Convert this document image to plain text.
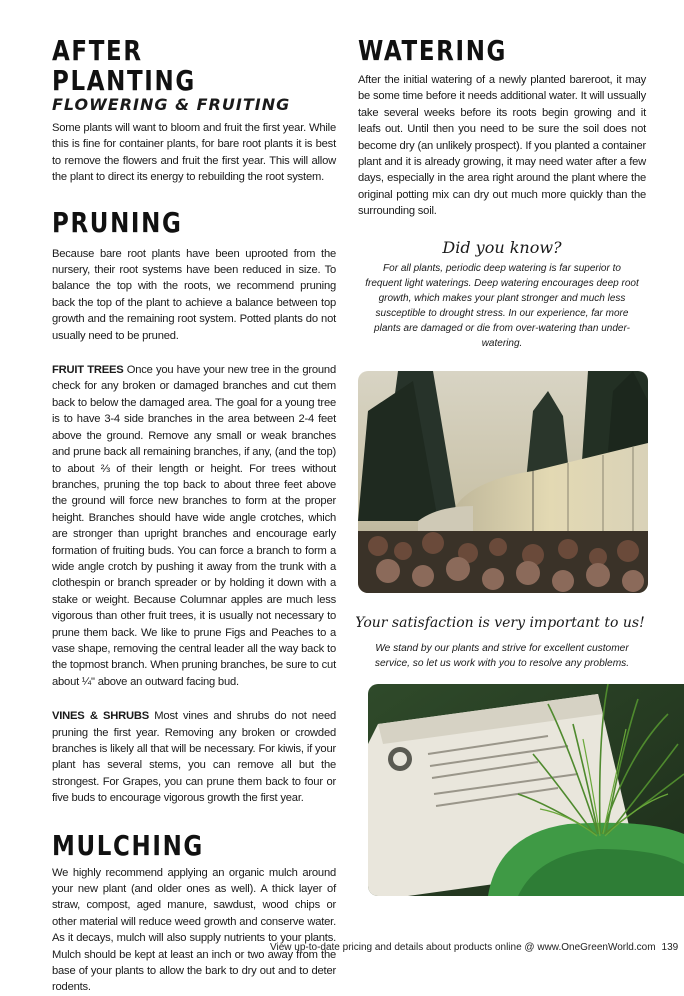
AFTER PLANTING
FLOWERING & FRUITING

Some plants will want to bloom and fruit the first year. While this is fine for container plants, for bare root plants it is best to remove the flowers and fruit the first year. This will allow the plant to direct its energy to rebuilding the root system.

PRUNING

Because bare root plants have been uprooted from the nursery, their root systems have been reduced in size. To balance the top with the roots, we recommend pruning back the top of the plant to achieve a balance between top growth and the remaining root system. Potted plants do not usually need to be pruned.

FRUIT TREES Once you have your new tree in the ground check for any broken or damaged branches and cut them back to below the damaged area. The goal for a young tree is to have 3-4 side branches in the area between 2-4 feet above the ground. Remove any small or weak branches and prune back all remaining branches, if any, (and the top) to about ⅔ of their length or height. For trees without branches, pruning the top back to about three feet above the ground will force new branches to form at the proper height. Branches should have wide angle crotches, which are stronger than upright branches and encourage early formation of fruiting buds. You can force a branch to form a wide angle crotch by pushing it away from the trunk with a clothespin or branch spreader or by holding it down with a stake or weight. Because Columnar apples are much less vigorous than other fruit trees, it is usually not necessary to prune them back. We like to prune Figs and Peaches to a vase shape, removing the central leader all the way back to the topmost branch. When pruning branches, be sure to cut about ¼" above an outward facing bud.

VINES & SHRUBS Most vines and shrubs do not need pruning the first year. Removing any broken or crowded branches is likely all that will be necessary. For kiwis, if your plant has several stems, you can remove all but the strongest. For Grapes, you can prune them back to four or five buds to encourage vigorous growth the first year.

MULCHING

We highly recommend applying an organic mulch around your new plant (and older ones as well). A thick layer of straw, compost, aged manure, sawdust, wood chips or other material will reduce weed growth and conserve water. As it decays, mulch will also supply nutrients to your plants. Mulch should be kept at least an inch or two away from the base of your plants to allow the bark to dry out and to deter rodents.

WATERING

After the initial watering of a newly planted bareroot, it may be some time before it needs additional water. It will ussually take several weeks before its roots begin growing and it leafs out. Until then you need to be sure the soil does not become dry (an unlikely prospect). If you planted a container plant and it is already growing, it may need water after a few days, especially in the area right around the plant where the original potting mix can dry out much more quickly than the surrounding soil.

Did you know?

For all plants, periodic deep watering is far superior to frequent light waterings. Deep watering encourages deep root growth, which makes your plant stronger and much less susceptible to drought stress. In our experience, far more plants are damaged or die from over-watering than under-watering.

Your satisfaction is very important to us!

We stand by our plants and strive for excellent customer service, so let us work with you to resolve any problems.

View up-to-date pricing and details about products online @ www.OneGreenWorld.com 139
